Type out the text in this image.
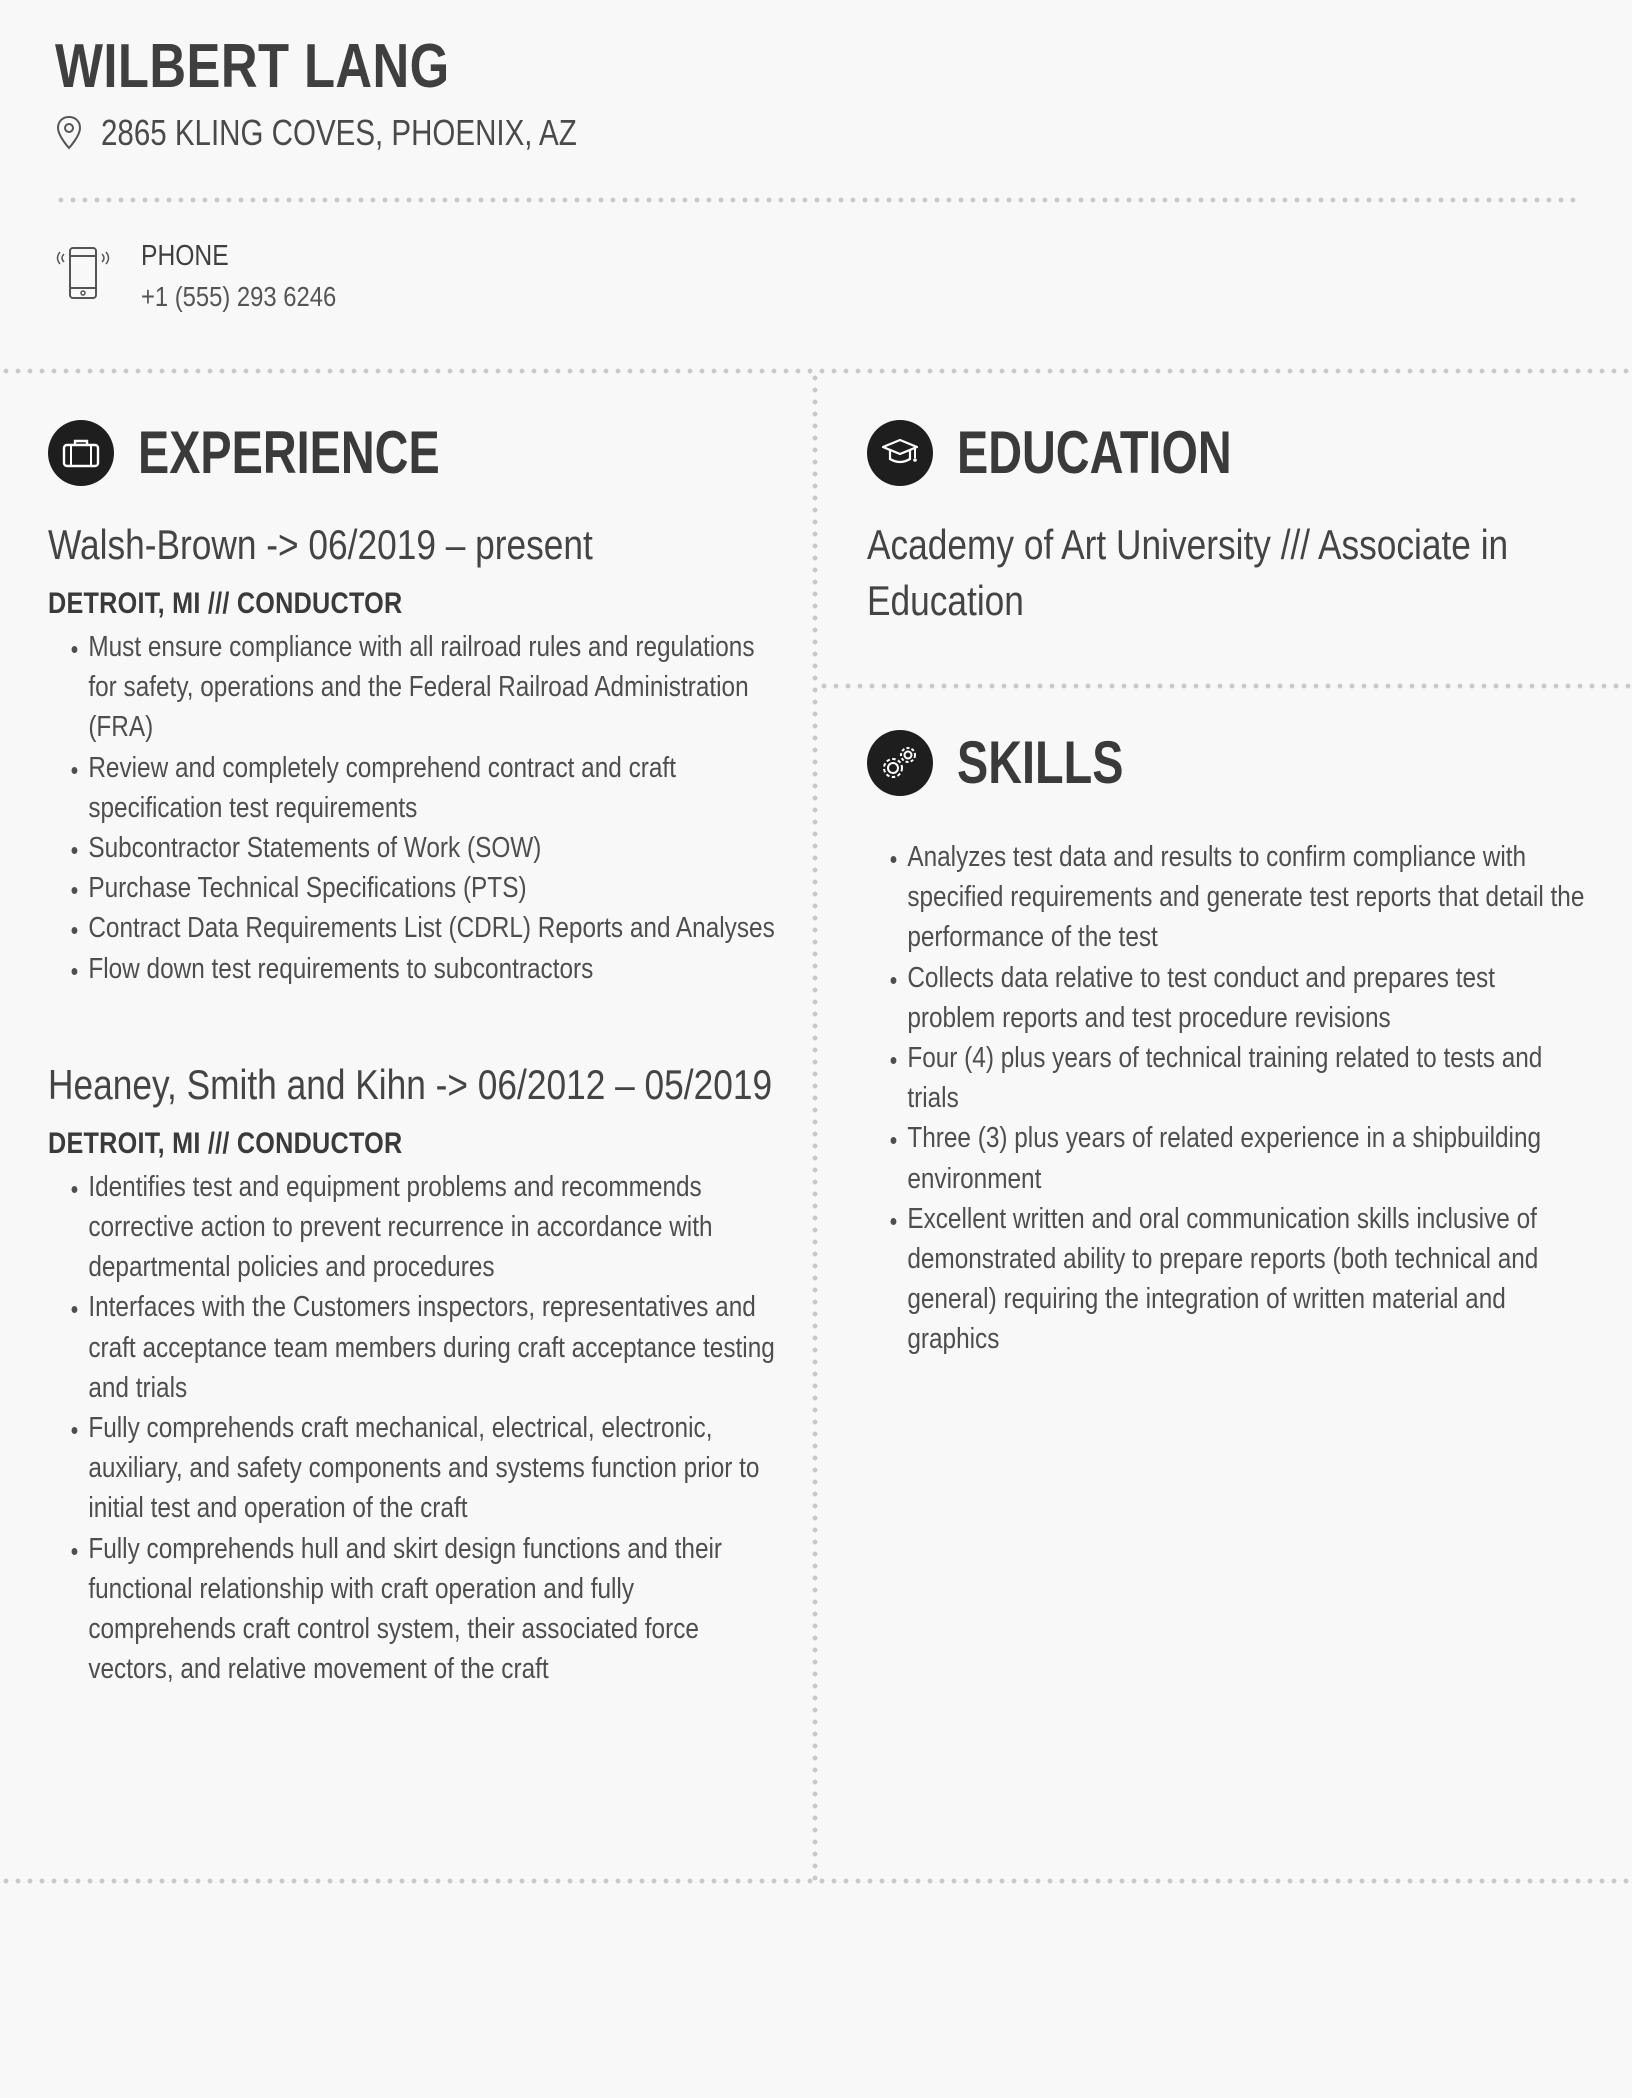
WILBERT LANG
2865 KLING COVES, PHOENIX, AZ
PHONE
+1 (555) 293 6246
EXPERIENCE

Walsh-Brown -> 06/2019 – present

DETROIT, MI /// CONDUCTOR

• Must ensure compliance with all railroad rules and regulations for safety, operations and the Federal Railroad Administration (FRA)
• Review and completely comprehend contract and craft specification test requirements
• Subcontractor Statements of Work (SOW)
• Purchase Technical Specifications (PTS)
• Contract Data Requirements List (CDRL) Reports and Analyses
• Flow down test requirements to subcontractors

Heaney, Smith and Kihn -> 06/2012 – 05/2019

DETROIT, MI /// CONDUCTOR

• Identifies test and equipment problems and recommends corrective action to prevent recurrence in accordance with departmental policies and procedures
• Interfaces with the Customers inspectors, representatives and craft acceptance team members during craft acceptance testing and trials
• Fully comprehends craft mechanical, electrical, electronic, auxiliary, and safety components and systems function prior to initial test and operation of the craft
• Fully comprehends hull and skirt design functions and their functional relationship with craft operation and fully comprehends craft control system, their associated force vectors, and relative movement of the craft
EDUCATION

Academy of Art University /// Associate in Education

SKILLS
• Analyzes test data and results to confirm compliance with specified requirements and generate test reports that detail the performance of the test
• Collects data relative to test conduct and prepares test problem reports and test procedure revisions
• Four (4) plus years of technical training related to tests and trials
• Three (3) plus years of related experience in a shipbuilding environment
• Excellent written and oral communication skills inclusive of demonstrated ability to prepare reports (both technical and general) requiring the integration of written material and graphics
